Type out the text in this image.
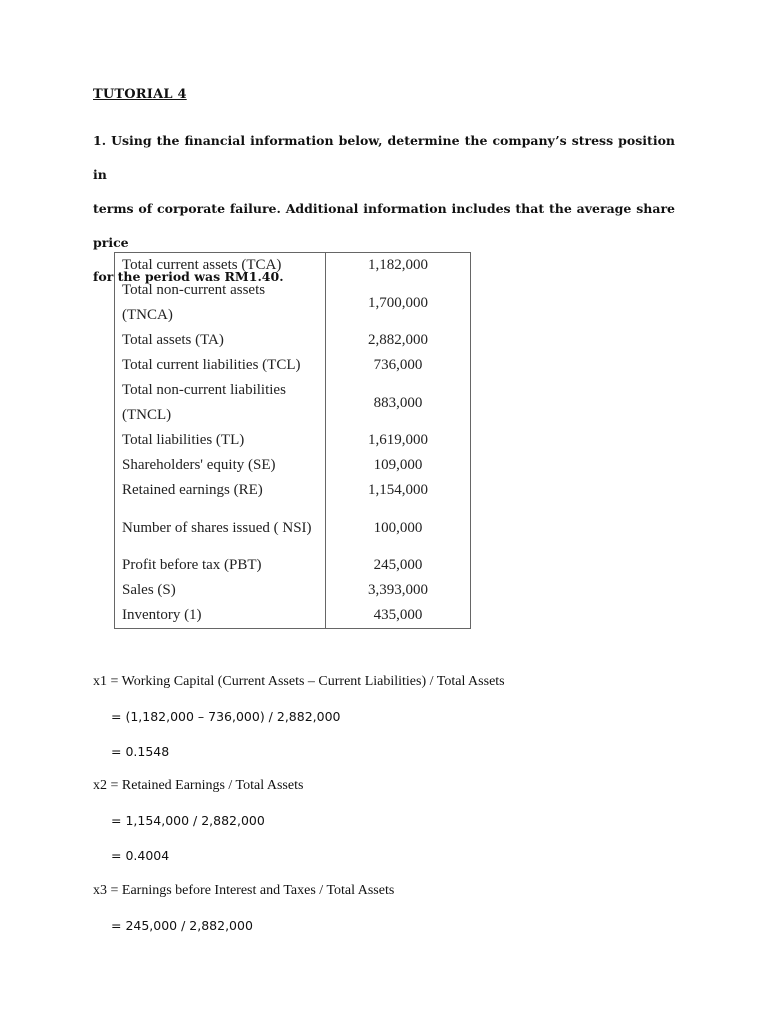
TUTORIAL 4
1. Using the financial information below, determine the company’s stress position in
terms of corporate failure. Additional information includes that the average share price
for the period was RM1.40.
Total current assets (TCA)	1,182,000
Total non-current assets (TNCA)	1,700,000
Total assets (TA)	2,882,000
Total current liabilities (TCL)	736,000
Total non-current liabilities (TNCL)	883,000
Total liabilities (TL)	1,619,000
Shareholders' equity (SE)	109,000
Retained earnings (RE)	1,154,000
Number of shares issued ( NSI)	100,000
Profit before tax (PBT)	245,000
Sales (S)	3,393,000
Inventory (1)	435,000
x1 = Working Capital (Current Assets – Current Liabilities) / Total Assets
= (1,182,000 – 736,000) / 2,882,000
= 0.1548
x2 = Retained Earnings / Total Assets
= 1,154,000 / 2,882,000
= 0.4004
x3 = Earnings before Interest and Taxes / Total Assets
= 245,000 / 2,882,000
